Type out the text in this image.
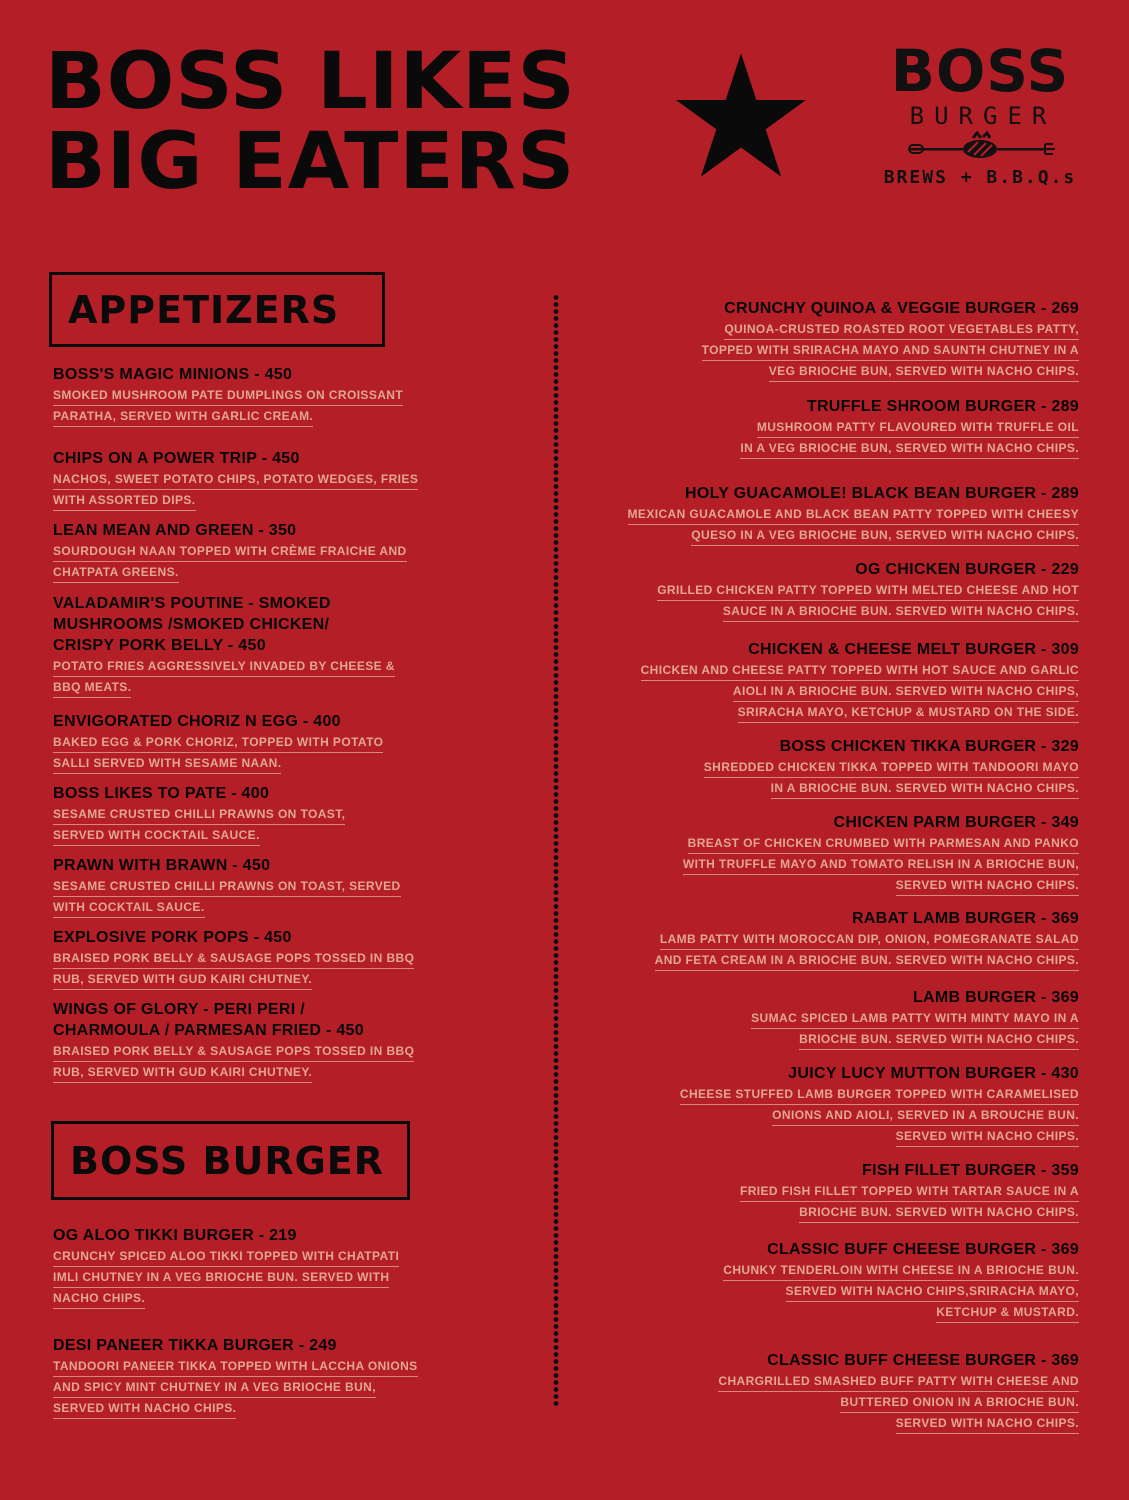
BOSS LIKES
BIG EATERS
BOSS
BURGER
BREWS + B.B.Q.s
APPETIZERS
BOSS BURGER
BOSS'S MAGIC MINIONS - 450
SMOKED MUSHROOM PATE DUMPLINGS ON CROISSANT
PARATHA, SERVED WITH GARLIC CREAM.
CHIPS ON A POWER TRIP - 450
NACHOS, SWEET POTATO CHIPS, POTATO WEDGES, FRIES
WITH ASSORTED DIPS.
LEAN MEAN AND GREEN - 350
SOURDOUGH NAAN TOPPED WITH CRÈME FRAICHE AND
CHATPATA GREENS.
VALADAMIR'S POUTINE - SMOKED
MUSHROOMS /SMOKED CHICKEN/
CRISPY PORK BELLY - 450
POTATO FRIES AGGRESSIVELY INVADED BY CHEESE &
BBQ MEATS.
ENVIGORATED CHORIZ N EGG - 400
BAKED EGG & PORK CHORIZ, TOPPED WITH POTATO
SALLI SERVED WITH SESAME NAAN.
BOSS LIKES TO PATE - 400
SESAME CRUSTED CHILLI PRAWNS ON TOAST,
SERVED WITH COCKTAIL SAUCE.
PRAWN WITH BRAWN - 450
SESAME CRUSTED CHILLI PRAWNS ON TOAST, SERVED
WITH COCKTAIL SAUCE.
EXPLOSIVE PORK POPS - 450
BRAISED PORK BELLY & SAUSAGE POPS TOSSED IN BBQ
RUB, SERVED WITH GUD KAIRI CHUTNEY.
WINGS OF GLORY - PERI PERI /
CHARMOULA / PARMESAN FRIED - 450
BRAISED PORK BELLY & SAUSAGE POPS TOSSED IN BBQ
RUB, SERVED WITH GUD KAIRI CHUTNEY.
OG ALOO TIKKI BURGER - 219
CRUNCHY SPICED ALOO TIKKI TOPPED WITH CHATPATI
IMLI CHUTNEY IN A VEG BRIOCHE BUN. SERVED WITH
NACHO CHIPS.
DESI PANEER TIKKA BURGER - 249
TANDOORI PANEER TIKKA TOPPED WITH LACCHA ONIONS
AND SPICY MINT CHUTNEY IN A VEG BRIOCHE BUN,
SERVED WITH NACHO CHIPS.
CRUNCHY QUINOA & VEGGIE BURGER - 269
QUINOA-CRUSTED ROASTED ROOT VEGETABLES PATTY,
TOPPED WITH SRIRACHA MAYO AND SAUNTH CHUTNEY IN A
VEG BRIOCHE BUN, SERVED WITH NACHO CHIPS.
TRUFFLE SHROOM BURGER - 289
MUSHROOM PATTY FLAVOURED WITH TRUFFLE OIL
IN A VEG BRIOCHE BUN, SERVED WITH NACHO CHIPS.
HOLY GUACAMOLE! BLACK BEAN BURGER - 289
MEXICAN GUACAMOLE AND BLACK BEAN PATTY TOPPED WITH CHEESY
QUESO IN A VEG BRIOCHE BUN, SERVED WITH NACHO CHIPS.
OG CHICKEN BURGER - 229
GRILLED CHICKEN PATTY TOPPED WITH MELTED CHEESE AND HOT
SAUCE IN A BRIOCHE BUN. SERVED WITH NACHO CHIPS.
CHICKEN & CHEESE MELT BURGER - 309
CHICKEN AND CHEESE PATTY TOPPED WITH HOT SAUCE AND GARLIC
AIOLI IN A BRIOCHE BUN. SERVED WITH NACHO CHIPS,
SRIRACHA MAYO, KETCHUP & MUSTARD ON THE SIDE.
BOSS CHICKEN TIKKA BURGER - 329
SHREDDED CHICKEN TIKKA TOPPED WITH TANDOORI MAYO
IN A BRIOCHE BUN. SERVED WITH NACHO CHIPS.
CHICKEN PARM BURGER - 349
BREAST OF CHICKEN CRUMBED WITH PARMESAN AND PANKO
WITH TRUFFLE MAYO AND TOMATO RELISH IN A BRIOCHE BUN,
SERVED WITH NACHO CHIPS.
RABAT LAMB BURGER - 369
LAMB PATTY WITH MOROCCAN DIP, ONION, POMEGRANATE SALAD
AND FETA CREAM IN A BRIOCHE BUN. SERVED WITH NACHO CHIPS.
LAMB BURGER - 369
SUMAC SPICED LAMB PATTY WITH MINTY MAYO IN A
BRIOCHE BUN. SERVED WITH NACHO CHIPS.
JUICY LUCY MUTTON BURGER - 430
CHEESE STUFFED LAMB BURGER TOPPED WITH CARAMELISED
ONIONS AND AIOLI, SERVED IN A BROUCHE BUN.
SERVED WITH NACHO CHIPS.
FISH FILLET BURGER - 359
FRIED FISH FILLET TOPPED WITH TARTAR SAUCE IN A
BRIOCHE BUN. SERVED WITH NACHO CHIPS.
CLASSIC BUFF CHEESE BURGER - 369
CHUNKY TENDERLOIN WITH CHEESE IN A BRIOCHE BUN.
SERVED WITH NACHO CHIPS,SRIRACHA MAYO,
KETCHUP & MUSTARD.
CLASSIC BUFF CHEESE BURGER - 369
CHARGRILLED SMASHED BUFF PATTY WITH CHEESE AND
BUTTERED ONION IN A BRIOCHE BUN.
SERVED WITH NACHO CHIPS.
